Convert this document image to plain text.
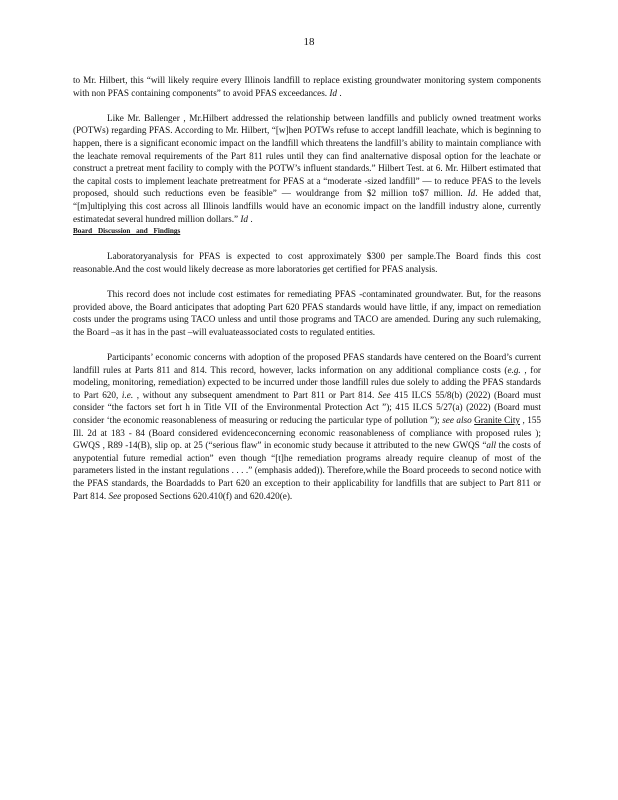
18

to Mr. Hilbert, this “will likely require every Illinois landfill to replace existing groundwater monitoring system components with non PFAS containing components” to avoid PFAS exceedances. Id .

Like Mr. Ballenger , Mr.Hilbert addressed the relationship between landfills and publicly owned treatment works (POTWs) regarding PFAS. According to Mr. Hilbert, “[w]hen POTWs refuse to accept landfill leachate, which is beginning to happen, there is a significant economic impact on the landfill which threatens the landfill’s ability to maintain compliance with the leachate removal requirements of the Part 811 rules until they can find analternative disposal option for the leachate or construct a pretreat ment facility to comply with the POTW’s influent standards.” Hilbert Test. at 6. Mr. Hilbert estimated that the capital costs to implement leachate pretreatment for PFAS at a “moderate -sized landfill” — to reduce PFAS to the levels proposed, should such reductions even be feasible” — wouldrange from $2 million to$7 million. Id. He added that, “[m]ultiplying this cost across all Illinois landfills would have an economic impact on the landfill industry alone, currently estimatedat several hundred million dollars.” Id .

Board Discussion and Findings

Laboratoryanalysis for PFAS is expected to cost approximately $300 per sample.The Board finds this cost reasonable.And the cost would likely decrease as more laboratories get certified for PFAS analysis.

This record does not include cost estimates for remediating PFAS -contaminated groundwater. But, for the reasons provided above, the Board anticipates that adopting Part 620 PFAS standards would have little, if any, impact on remediation costs under the programs using TACO unless and until those programs and TACO are amended. During any such rulemaking, the Board –as it has in the past –will evaluateassociated costs to regulated entities.

Participants’ economic concerns with adoption of the proposed PFAS standards have centered on the Board’s current landfill rules at Parts 811 and 814. This record, however, lacks information on any additional compliance costs (e.g. , for modeling, monitoring, remediation) expected to be incurred under those landfill rules due solely to adding the PFAS standards to Part 620, i.e. , without any subsequent amendment to Part 811 or Part 814. See 415 ILCS 55/8(b) (2022) (Board must consider “the factors set fort h in Title VII of the Environmental Protection Act ”); 415 ILCS 5/27(a) (2022) (Board must consider ‘the economic reasonableness of measuring or reducing the particular type of pollution ”); see also Granite City , 155 Ill. 2d at 183 - 84 (Board considered evidenceconcerning economic reasonableness of compliance with proposed rules ); GWQS , R89 -14(B), slip op. at 25 (“serious flaw” in economic study because it attributed to the new GWQS “all the costs of anypotential future remedial action” even though “[t]he remediation programs already require cleanup of most of the parameters listed in the instant regulations . . . .” (emphasis added)). Therefore,while the Board proceeds to second notice with the PFAS standards, the Boardadds to Part 620 an exception to their applicability for landfills that are subject to Part 811 or Part 814. See proposed Sections 620.410(f) and 620.420(e).
